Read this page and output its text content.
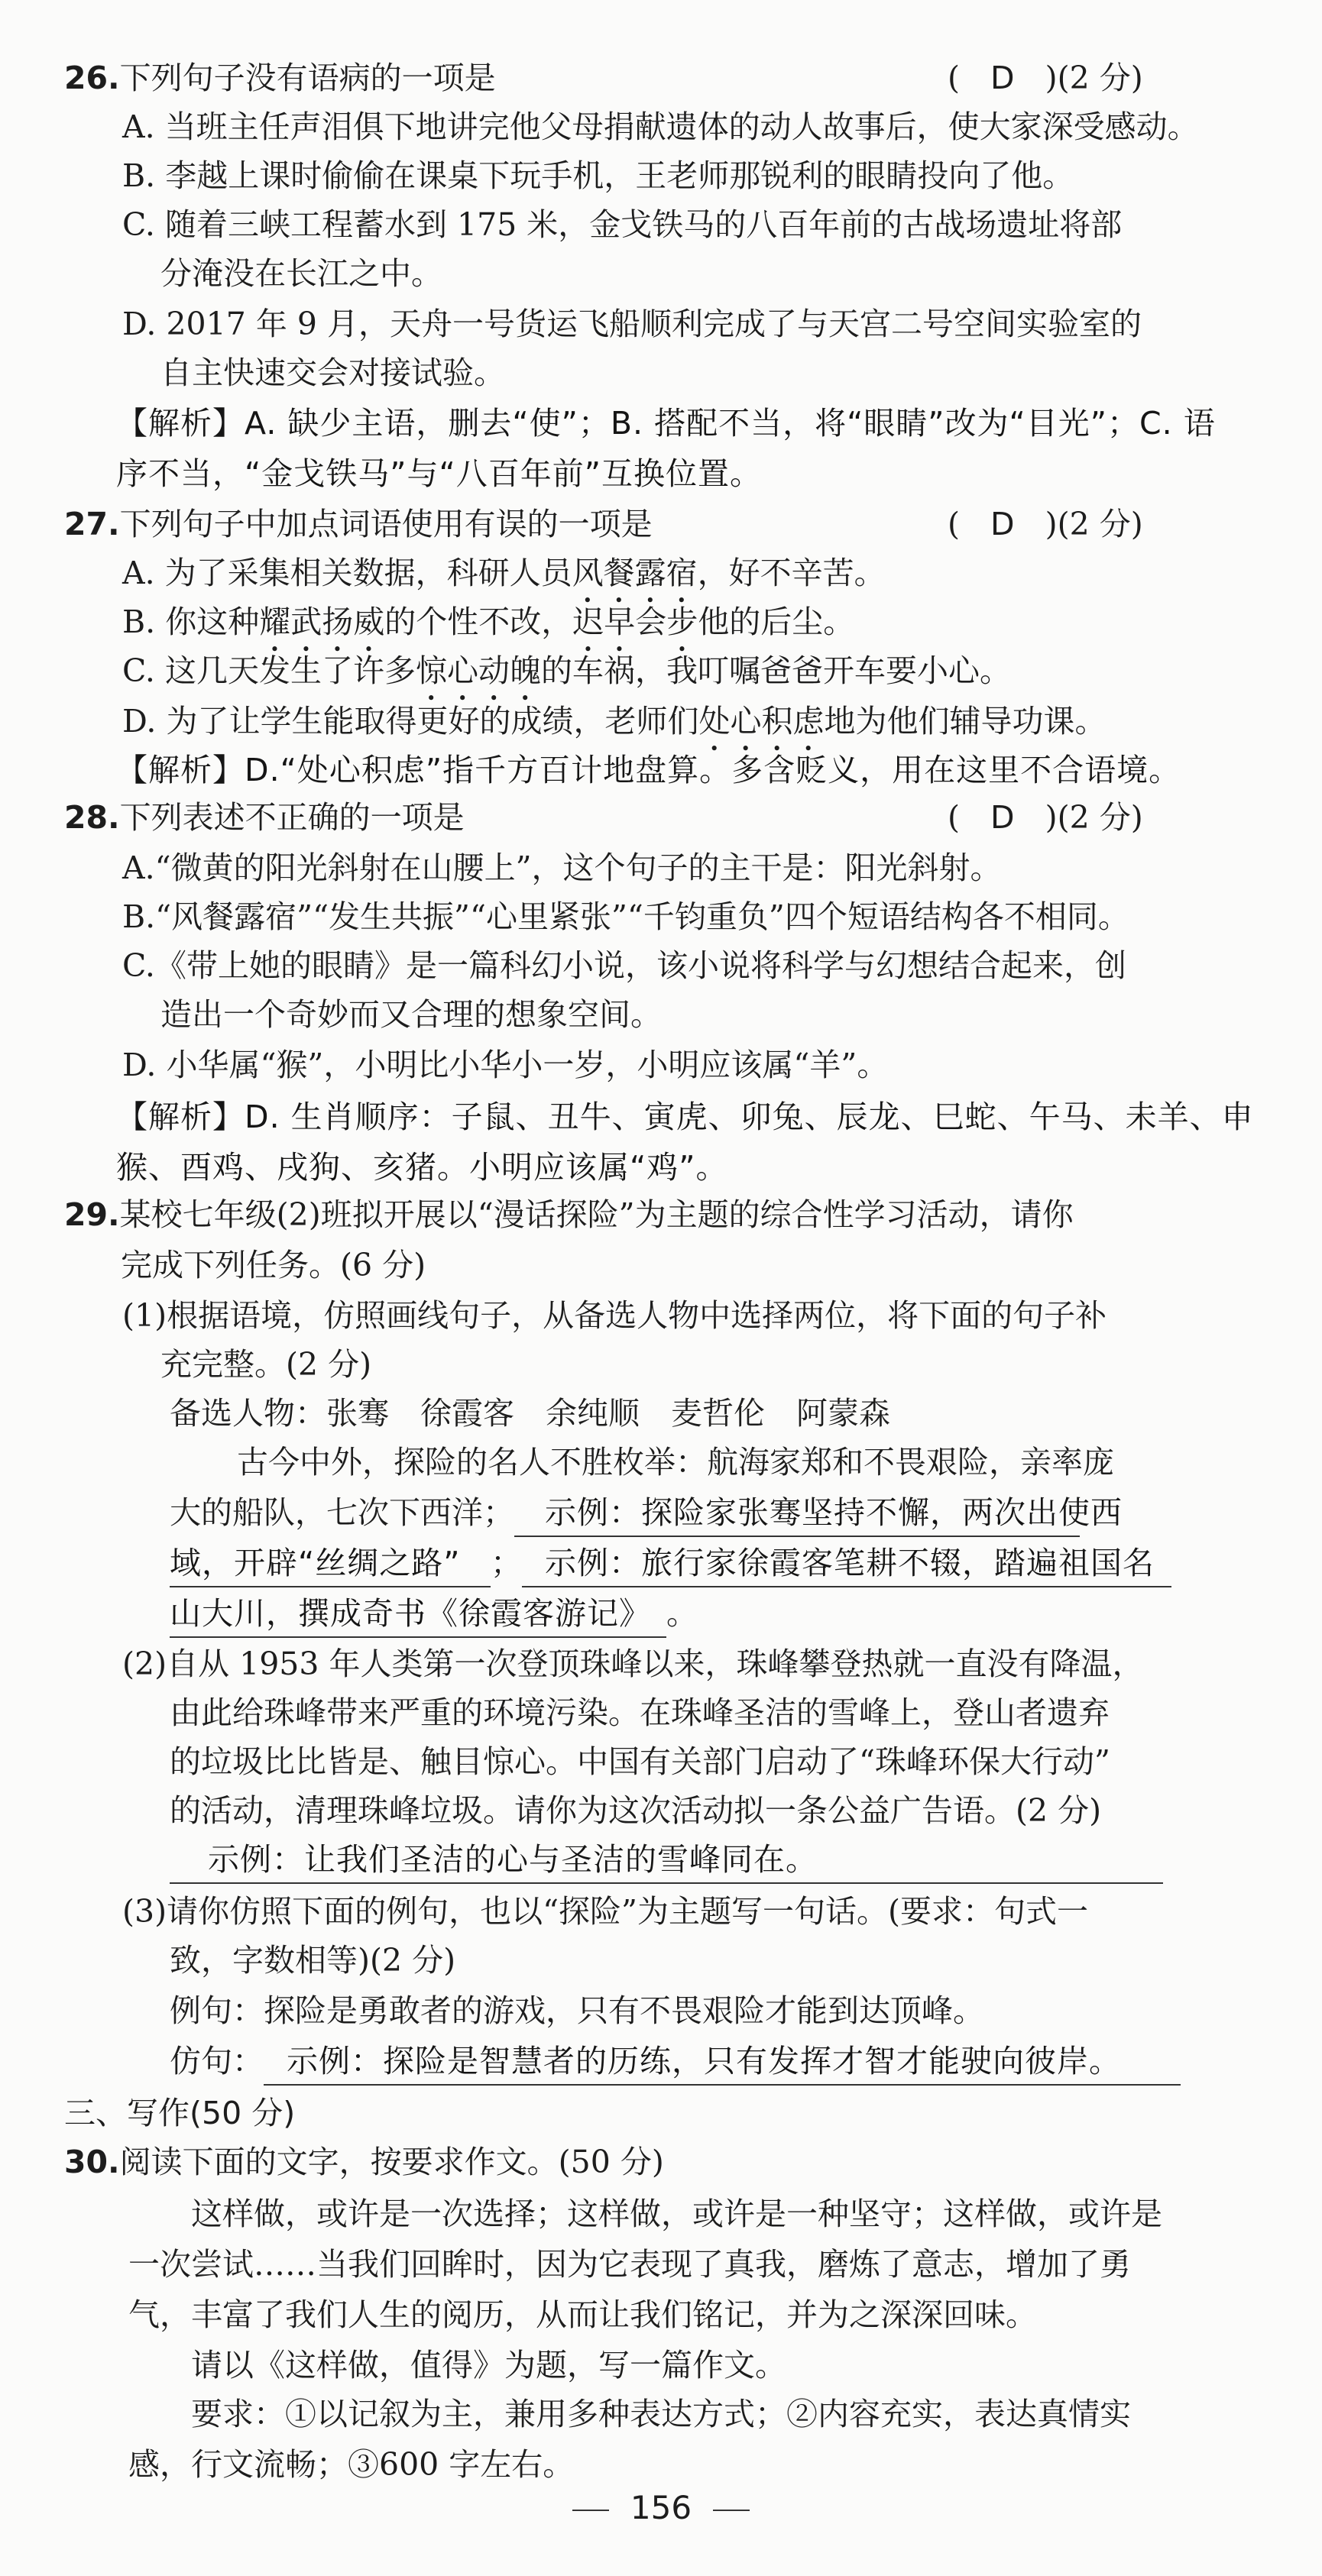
26.下列句子没有语病的一项是	( D )(2 分)
A. 当班主任声泪俱下地讲完他父母捐献遗体的动人故事后，使大家深受感动。
B. 李越上课时偷偷在课桌下玩手机，王老师那锐利的眼睛投向了他。
C. 随着三峡工程蓄水到 175 米，金戈铁马的八百年前的古战场遗址将部
分淹没在长江之中。
D. 2017 年 9 月，天舟一号货运飞船顺利完成了与天宫二号空间实验室的
自主快速交会对接试验。
【解析】A. 缺少主语，删去“使”；B. 搭配不当，将“眼睛”改为“目光”；C. 语
序不当，“金戈铁马”与“八百年前”互换位置。
27.下列句子中加点词语使用有误的一项是	( D )(2 分)
A. 为了采集相关数据，科研人员风餐露宿，好不辛苦。
B. 你这种耀武扬威的个性不改，迟早会步他的后尘。
C. 这几天发生了许多惊心动魄的车祸，我叮嘱爸爸开车要小心。
D. 为了让学生能取得更好的成绩，老师们处心积虑地为他们辅导功课。
【解析】D.“处心积虑”指千方百计地盘算。多含贬义，用在这里不合语境。
28.下列表述不正确的一项是	( D )(2 分)
A.“微黄的阳光斜射在山腰上”，这个句子的主干是：阳光斜射。
B.“风餐露宿”“发生共振”“心里紧张”“千钧重负”四个短语结构各不相同。
C.《带上她的眼睛》是一篇科幻小说，该小说将科学与幻想结合起来，创
造出一个奇妙而又合理的想象空间。
D. 小华属“猴”，小明比小华小一岁，小明应该属“羊”。
【解析】D. 生肖顺序：子鼠、丑牛、寅虎、卯兔、辰龙、巳蛇、午马、未羊、申
猴、酉鸡、戌狗、亥猪。小明应该属“鸡”。
29.某校七年级(2)班拟开展以“漫话探险”为主题的综合性学习活动，请你
完成下列任务。(6 分)
(1)根据语境，仿照画线句子，从备选人物中选择两位，将下面的句子补
充完整。(2 分)
备选人物：张骞　徐霞客　余纯顺　麦哲伦　阿蒙森
古今中外，探险的名人不胜枚举：航海家郑和不畏艰险，亲率庞
大的船队，七次下西洋； 示例：探险家张骞坚持不懈，两次出使西
域，开辟“丝绸之路” ； 示例：旅行家徐霞客笔耕不辍，踏遍祖国名
山大川，撰成奇书《徐霞客游记》 。
(2)自从 1953 年人类第一次登顶珠峰以来，珠峰攀登热就一直没有降温，
由此给珠峰带来严重的环境污染。在珠峰圣洁的雪峰上，登山者遗弃
的垃圾比比皆是、触目惊心。中国有关部门启动了“珠峰环保大行动”
的活动，清理珠峰垃圾。请你为这次活动拟一条公益广告语。(2 分)
示例：让我们圣洁的心与圣洁的雪峰同在。
(3)请你仿照下面的例句，也以“探险”为主题写一句话。(要求：句式一
致，字数相等)(2 分)
例句：探险是勇敢者的游戏，只有不畏艰险才能到达顶峰。
仿句： 示例：探险是智慧者的历练，只有发挥才智才能驶向彼岸。
三、写作(50 分)
30.阅读下面的文字，按要求作文。(50 分)
这样做，或许是一次选择；这样做，或许是一种坚守；这样做，或许是
一次尝试……当我们回眸时，因为它表现了真我，磨炼了意志，增加了勇
气，丰富了我们人生的阅历，从而让我们铭记，并为之深深回味。
请以《这样做，值得》为题，写一篇作文。
要求：①以记叙为主，兼用多种表达方式；②内容充实，表达真情实
感，行文流畅；③600 字左右。
156
